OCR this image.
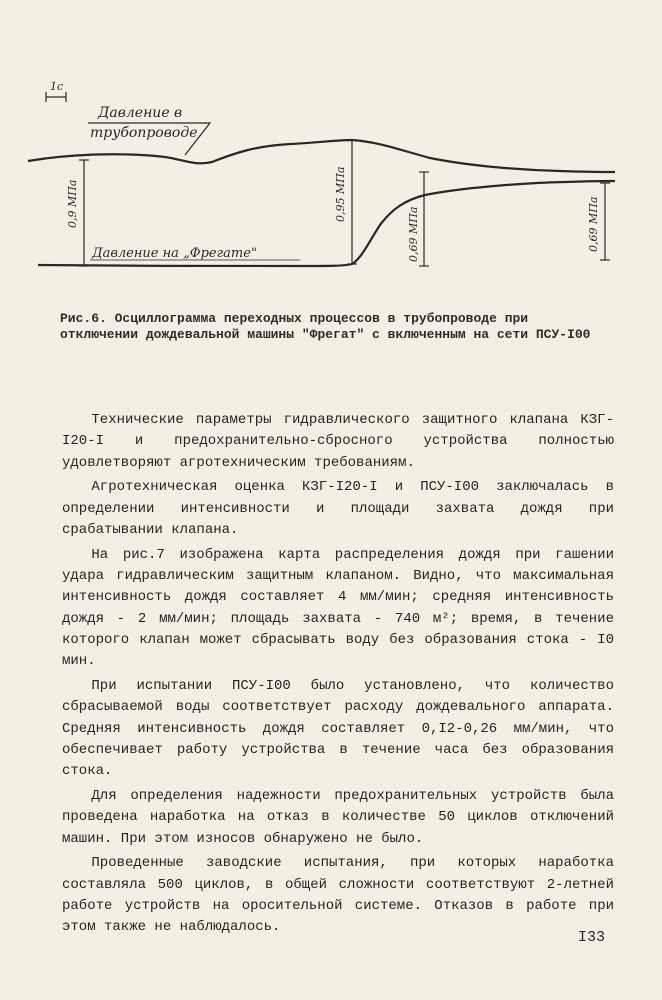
1с
Давление в
трубопроводе
Давление на „Фрегате"
0,9 МПа	0,95 МПа
0,69 МПа	0,69 МПа
Рис.6. Осциллограмма переходных процессов в трубопроводе при отключении дождевальной машины "Фрегат" с включенным на сети ПСУ-I00

Технические параметры гидравлического защитного клапана КЗГ-I20-I и предохранительно-сбросного устройства полностью удовлетворяют агротехническим требованиям.

Агротехническая оценка КЗГ-I20-I и ПСУ-I00 заключалась в определении интенсивности и площади захвата дождя при срабатывании клапана.

На рис.7 изображена карта распределения дождя при гашении удара гидравлическим защитным клапаном. Видно, что максимальная интенсивность дождя составляет 4 мм/мин; средняя интенсивность дождя - 2 мм/мин; площадь захвата - 740 м²; время, в течение которого клапан может сбрасывать воду без образования стока - I0 мин.

При испытании ПСУ-I00 было установлено, что количество сбрасываемой воды соответствует расходу дождевального аппарата. Средняя интенсивность дождя составляет 0,I2-0,26 мм/мин, что обеспечивает работу устройства в течение часа без образования стока.

Для определения надежности предохранительных устройств была проведена наработка на отказ в количестве 50 циклов отключений машин. При этом износов обнаружено не было.

Проведенные заводские испытания, при которых наработка составляла 500 циклов, в общей сложности соответствуют 2-летней работе устройств на оросительной системе. Отказов в работе при этом также не наблюдалось.

I33
